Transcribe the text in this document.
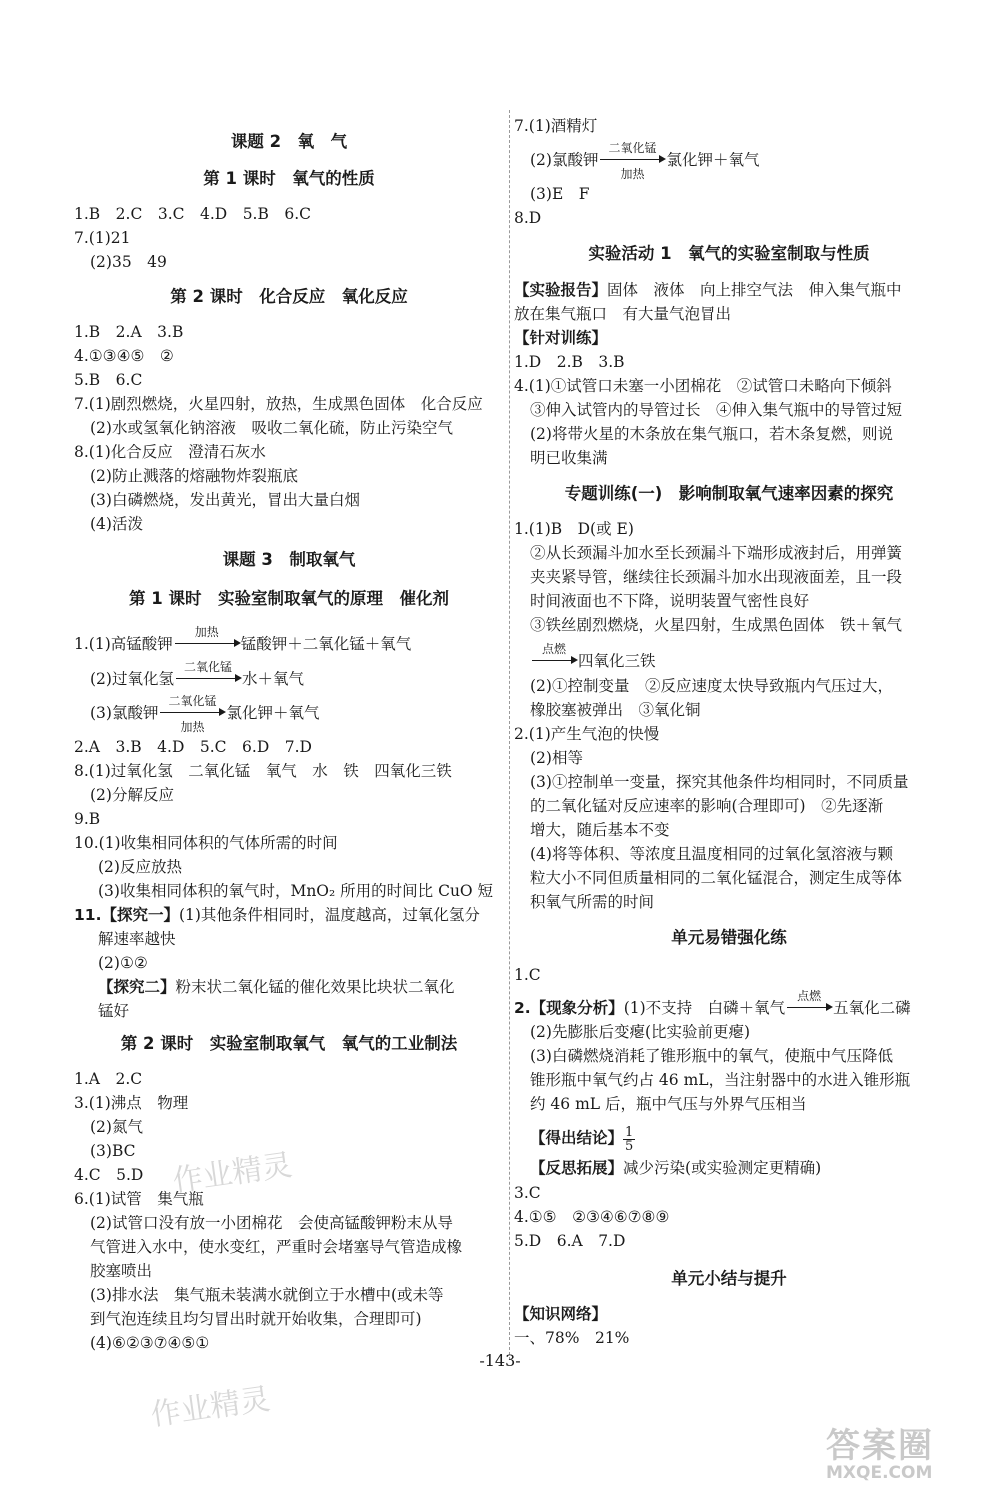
课题 2　氧　气
第 1 课时　氧气的性质
1.B　2.C　3.C　4.D　5.B　6.C
7.(1)21
(2)35　49
第 2 课时　化合反应　氧化反应
1.B　2.A　3.B
4.①③④⑤　②
5.B　6.C
7.(1)剧烈燃烧，火星四射，放热，生成黑色固体　化合反应
(2)水或氢氧化钠溶液　吸收二氧化硫，防止污染空气
8.(1)化合反应　澄清石灰水
(2)防止溅落的熔融物炸裂瓶底
(3)白磷燃烧，发出黄光，冒出大量白烟
(4)活泼
课题 3　制取氧气
第 1 课时　实验室制取氧气的原理　催化剂
1.(1)高锰酸钾
加热
锰酸钾＋二氧化锰＋氧气
(2)过氧化氢
二氧化锰
水＋氧气
(3)氯酸钾
二氧化锰
加热
氯化钾＋氧气
2.A　3.B　4.D　5.C　6.D　7.D
8.(1)过氧化氢　二氧化锰　氧气　水　铁　四氧化三铁
(2)分解反应
9.B
10.(1)收集相同体积的气体所需的时间
(2)反应放热
(3)收集相同体积的氧气时，MnO₂ 所用的时间比 CuO 短
11.【探究一】(1)其他条件相同时，温度越高，过氧化氢分
解速率越快
(2)①②
【探究二】粉末状二氧化锰的催化效果比块状二氧化
锰好
第 2 课时　实验室制取氧气　氧气的工业制法
1.A　2.C
3.(1)沸点　物理
(2)氮气
(3)BC
4.C　5.D
6.(1)试管　集气瓶
(2)试管口没有放一小团棉花　会使高锰酸钾粉末从导
气管进入水中，使水变红，严重时会堵塞导气管造成橡
胶塞喷出
(3)排水法　集气瓶未装满水就倒立于水槽中(或未等
到气泡连续且均匀冒出时就开始收集，合理即可)
(4)⑥②③⑦④⑤①
7.(1)酒精灯
(2)氯酸钾
二氧化锰
加热
氯化钾＋氧气
(3)E　F
8.D
实验活动 1　氧气的实验室制取与性质
【实验报告】固体　液体　向上排空气法　伸入集气瓶中
放在集气瓶口　有大量气泡冒出
【针对训练】
1.D　2.B　3.B
4.(1)①试管口未塞一小团棉花　②试管口未略向下倾斜
③伸入试管内的导管过长　④伸入集气瓶中的导管过短
(2)将带火星的木条放在集气瓶口，若木条复燃，则说
明已收集满
专题训练(一)　影响制取氧气速率因素的探究
1.(1)B　D(或 E)
②从长颈漏斗加水至长颈漏斗下端形成液封后，用弹簧
夹夹紧导管，继续往长颈漏斗加水出现液面差，且一段
时间液面也不下降，说明装置气密性良好
③铁丝剧烈燃烧，火星四射，生成黑色固体　铁＋氧气
点燃
四氧化三铁
(2)①控制变量　②反应速度太快导致瓶内气压过大，
橡胶塞被弹出　③氧化铜
2.(1)产生气泡的快慢
(2)相等
(3)①控制单一变量，探究其他条件均相同时，不同质量
的二氧化锰对反应速率的影响(合理即可)　②先逐渐
增大，随后基本不变
(4)将等体积、等浓度且温度相同的过氧化氢溶液与颗
粒大小不同但质量相同的二氧化锰混合，测定生成等体
积氧气所需的时间
单元易错强化练
1.C
2.【现象分析】(1)不支持　白磷＋氧气
点燃
五氧化二磷
(2)先膨胀后变瘪(比实验前更瘪)
(3)白磷燃烧消耗了锥形瓶中的氧气，使瓶中气压降低
锥形瓶中氧气约占 46 mL，当注射器中的水进入锥形瓶
约 46 mL 后，瓶中气压与外界气压相当
【得出结论】 $\frac{1}{5}$
【反思拓展】减少污染(或实验测定更精确)
3.C
4.①⑤　②③④⑥⑦⑧⑨
5.D　6.A　7.D
单元小结与提升
【知识网络】
一、78%　21%
-143-
作业精灵
作业精灵
答案圈
MXQE.COM
